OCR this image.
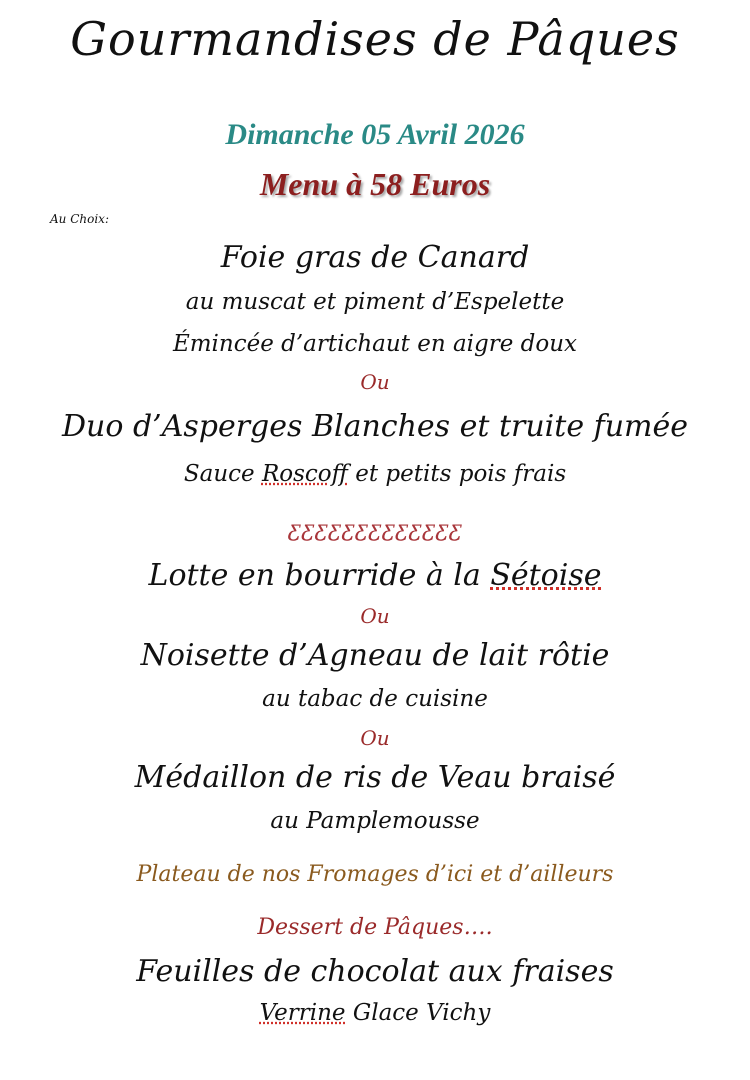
Gourmandises de Pâques
Dimanche 05 Avril 2026
Menu à 58 Euros
Au Choix:
Foie gras de Canard
au muscat et piment d’Espelette
Émincée d’artichaut en aigre doux
Ou
Duo d’Asperges Blanches et truite fumée
Sauce Roscoff et petits pois frais
ƹƹƹƹƹƹƹƹƹƹƹƹƹ
Lotte en bourride à la Sétoise
Ou
Noisette d’Agneau de lait rôtie
au tabac de cuisine
Ou
Médaillon de ris de Veau braisé
au Pamplemousse
Plateau de nos Fromages d’ici et d’ailleurs
Dessert de Pâques….
Feuilles de chocolat aux fraises
Verrine Glace Vichy
